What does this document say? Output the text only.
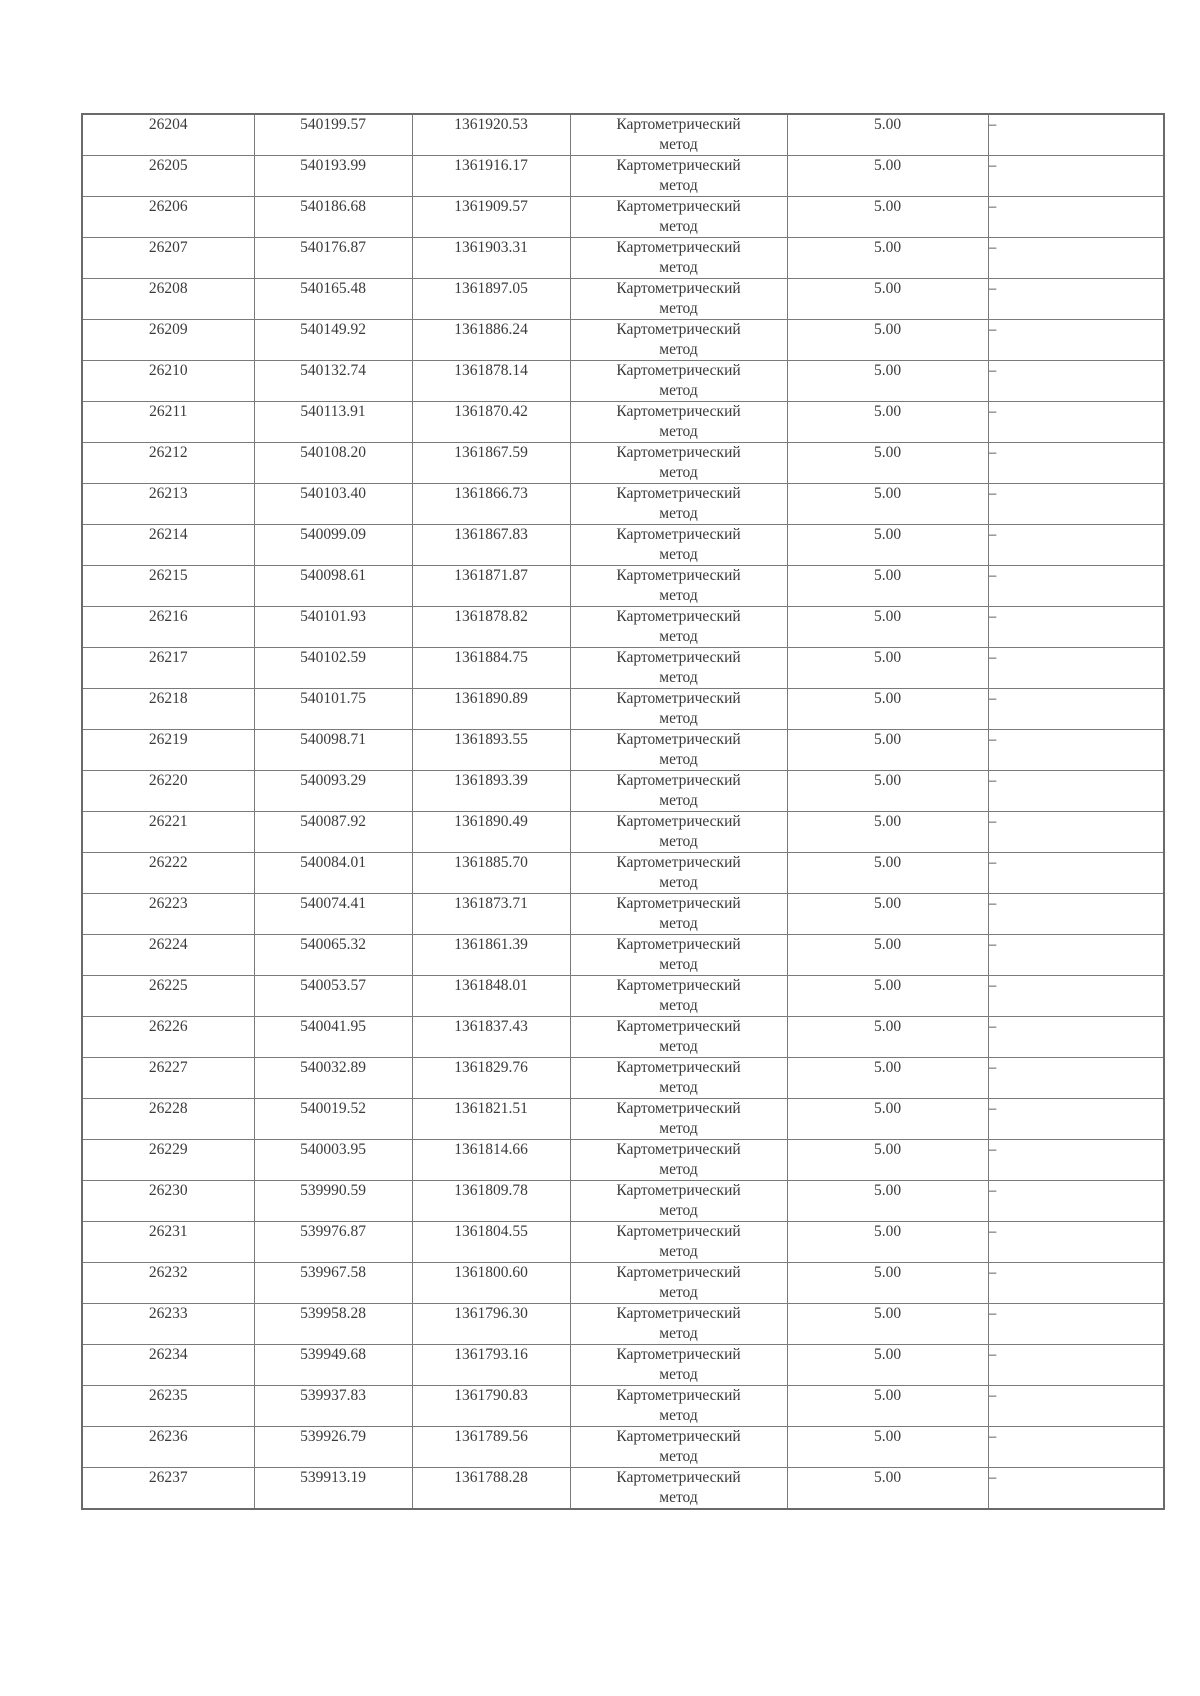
26204	540199.57	1361920.53	Картометрический
метод	5.00	–
26205	540193.99	1361916.17	Картометрический
метод	5.00	–
26206	540186.68	1361909.57	Картометрический
метод	5.00	–
26207	540176.87	1361903.31	Картометрический
метод	5.00	–
26208	540165.48	1361897.05	Картометрический
метод	5.00	–
26209	540149.92	1361886.24	Картометрический
метод	5.00	–
26210	540132.74	1361878.14	Картометрический
метод	5.00	–
26211	540113.91	1361870.42	Картометрический
метод	5.00	–
26212	540108.20	1361867.59	Картометрический
метод	5.00	–
26213	540103.40	1361866.73	Картометрический
метод	5.00	–
26214	540099.09	1361867.83	Картометрический
метод	5.00	–
26215	540098.61	1361871.87	Картометрический
метод	5.00	–
26216	540101.93	1361878.82	Картометрический
метод	5.00	–
26217	540102.59	1361884.75	Картометрический
метод	5.00	–
26218	540101.75	1361890.89	Картометрический
метод	5.00	–
26219	540098.71	1361893.55	Картометрический
метод	5.00	–
26220	540093.29	1361893.39	Картометрический
метод	5.00	–
26221	540087.92	1361890.49	Картометрический
метод	5.00	–
26222	540084.01	1361885.70	Картометрический
метод	5.00	–
26223	540074.41	1361873.71	Картометрический
метод	5.00	–
26224	540065.32	1361861.39	Картометрический
метод	5.00	–
26225	540053.57	1361848.01	Картометрический
метод	5.00	–
26226	540041.95	1361837.43	Картометрический
метод	5.00	–
26227	540032.89	1361829.76	Картометрический
метод	5.00	–
26228	540019.52	1361821.51	Картометрический
метод	5.00	–
26229	540003.95	1361814.66	Картометрический
метод	5.00	–
26230	539990.59	1361809.78	Картометрический
метод	5.00	–
26231	539976.87	1361804.55	Картометрический
метод	5.00	–
26232	539967.58	1361800.60	Картометрический
метод	5.00	–
26233	539958.28	1361796.30	Картометрический
метод	5.00	–
26234	539949.68	1361793.16	Картометрический
метод	5.00	–
26235	539937.83	1361790.83	Картометрический
метод	5.00	–
26236	539926.79	1361789.56	Картометрический
метод	5.00	–
26237	539913.19	1361788.28	Картометрический
метод	5.00	–
